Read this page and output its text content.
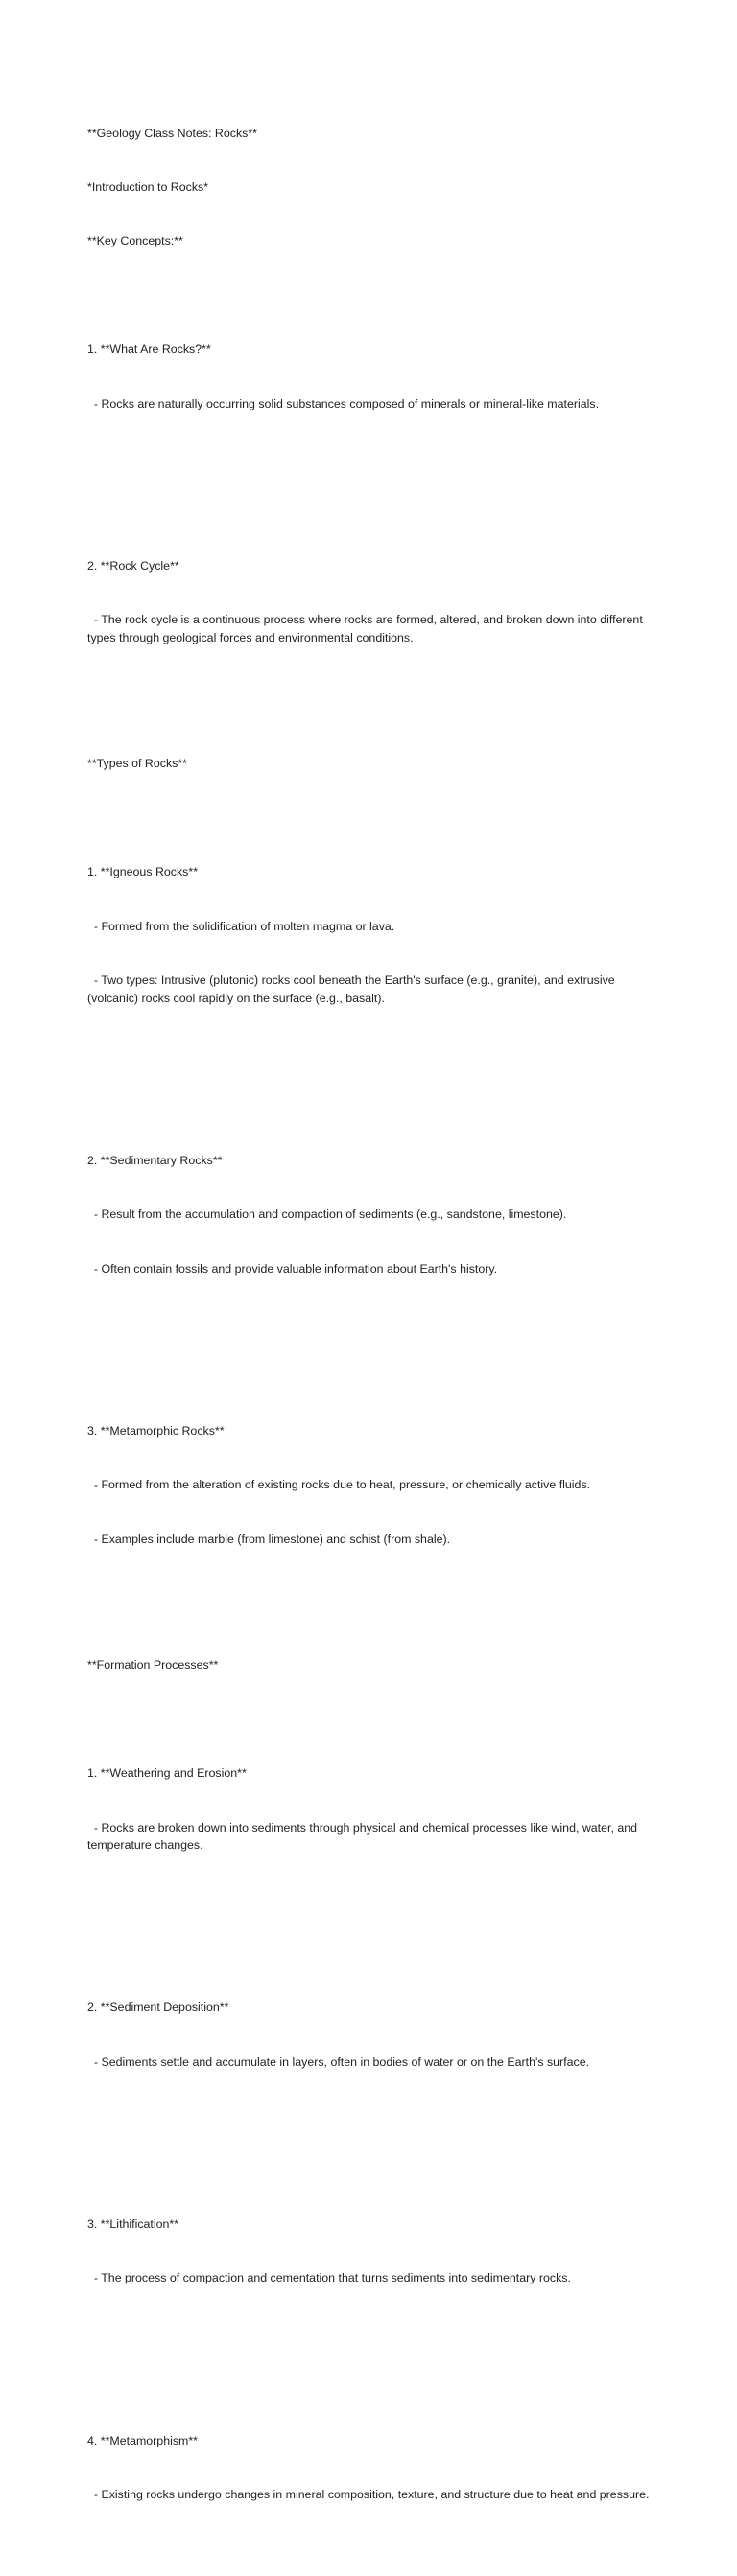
**Geology Class Notes: Rocks**

*Introduction to Rocks*

**Key Concepts:**

1. **What Are Rocks?**

- Rocks are naturally occurring solid substances composed of minerals or mineral-like materials.

2. **Rock Cycle**

- The rock cycle is a continuous process where rocks are formed, altered, and broken down into different types through geological forces and environmental conditions.

**Types of Rocks**

1. **Igneous Rocks**

- Formed from the solidification of molten magma or lava.

- Two types: Intrusive (plutonic) rocks cool beneath the Earth's surface (e.g., granite), and extrusive (volcanic) rocks cool rapidly on the surface (e.g., basalt).

2. **Sedimentary Rocks**

- Result from the accumulation and compaction of sediments (e.g., sandstone, limestone).

- Often contain fossils and provide valuable information about Earth's history.

3. **Metamorphic Rocks**

- Formed from the alteration of existing rocks due to heat, pressure, or chemically active fluids.

- Examples include marble (from limestone) and schist (from shale).

**Formation Processes**

1. **Weathering and Erosion**

- Rocks are broken down into sediments through physical and chemical processes like wind, water, and temperature changes.

2. **Sediment Deposition**

- Sediments settle and accumulate in layers, often in bodies of water or on the Earth's surface.

3. **Lithification**

- The process of compaction and cementation that turns sediments into sedimentary rocks.

4. **Metamorphism**

- Existing rocks undergo changes in mineral composition, texture, and structure due to heat and pressure.
